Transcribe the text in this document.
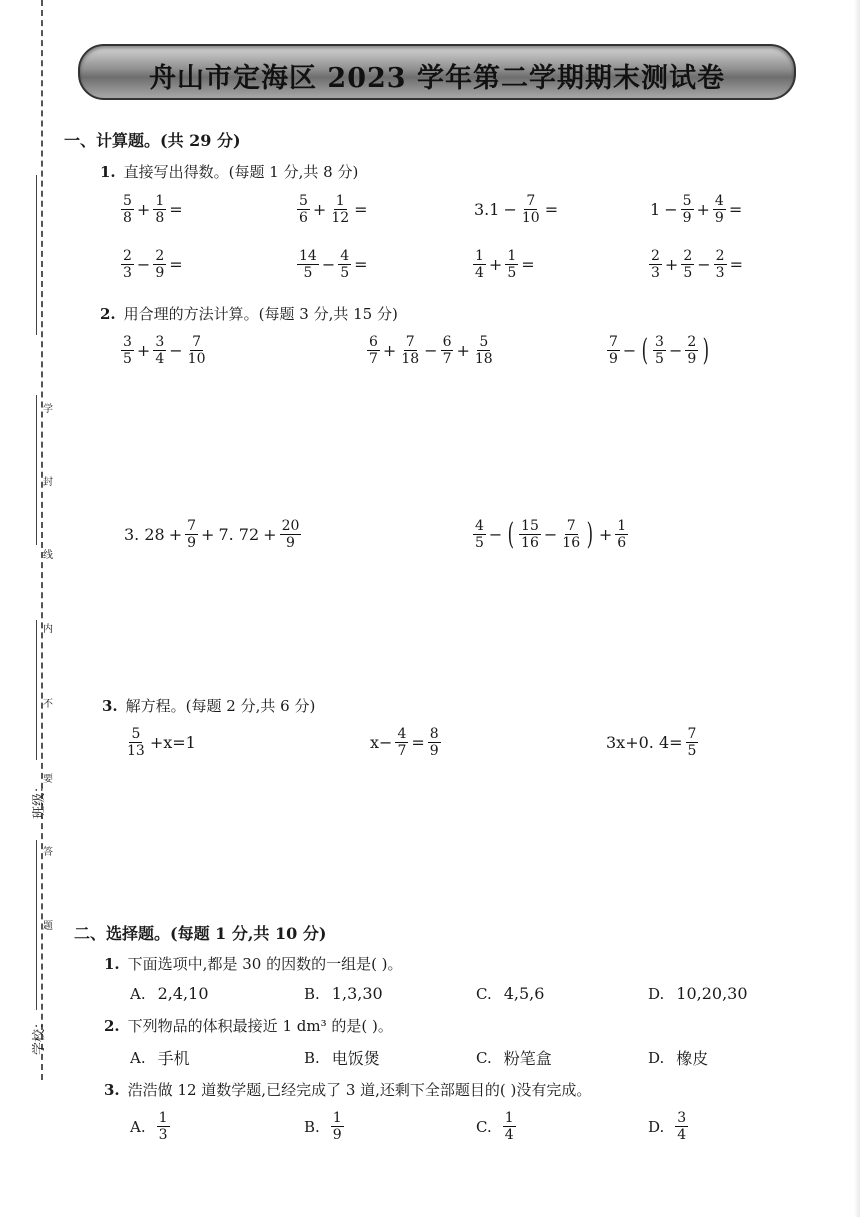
学
封
线
内
不
要
答
题
学校：
班级：
舟山市定海区 2023 学年第二学期期末测试卷
一、计算题。(共 29 分)
1. 直接写出得数。(每题 1 分,共 8 分)
$\frac{5}{8} + \frac{1}{8}$ =	$\frac{5}{6} + \frac{1}{12}$ =	$3.1 - \frac{7}{10}$ =	$1 - \frac{5}{9} + \frac{4}{9}$ =
$\frac{2}{3} - \frac{2}{9}$ =	$\frac{14}{5} - \frac{4}{5}$ =	$\frac{1}{4} + \frac{1}{5}$ =	$\frac{2}{3} + \frac{2}{5} - \frac{2}{3}$ =
2. 用合理的方法计算。(每题 3 分,共 15 分)
$\frac{3}{5} + \frac{3}{4} - \frac{7}{10}$	$\frac{6}{7} + \frac{7}{18} - \frac{6}{7} + \frac{5}{18}$	$\frac{7}{9}$ − ( $\frac{3}{5} - \frac{2}{9}$ )
3. $28 + \frac{7}{9} + 7$. $72 + \frac{20}{9}$	$\frac{4}{5}$ − ( $\frac{15}{16} - \frac{7}{16}$ ) + $\frac{1}{6}$
3. 解方程。(每题 2 分,共 6 分)
$\frac{5}{13} +x=1$	$x- \frac{4}{7} = \frac{8}{9}$	3x+0. $4= \frac{7}{5}$
二、选择题。(每题 1 分,共 10 分)
1. 下面选项中,都是 30 的因数的一组是( )。
A. 2,4,10	B. 1,3,30	C. 4,5,6	D. 10,20,30
2. 下列物品的体积最接近 1 dm³ 的是( )。
A. 手机	B. 电饭煲	C. 粉笔盒	D. 橡皮
3. 浩浩做 12 道数学题,已经完成了 3 道,还剩下全部题目的( )没有完成。
A. $\frac{1}{3}$	B. $\frac{1}{9}$	C. $\frac{1}{4}$	D. $\frac{3}{4}$
